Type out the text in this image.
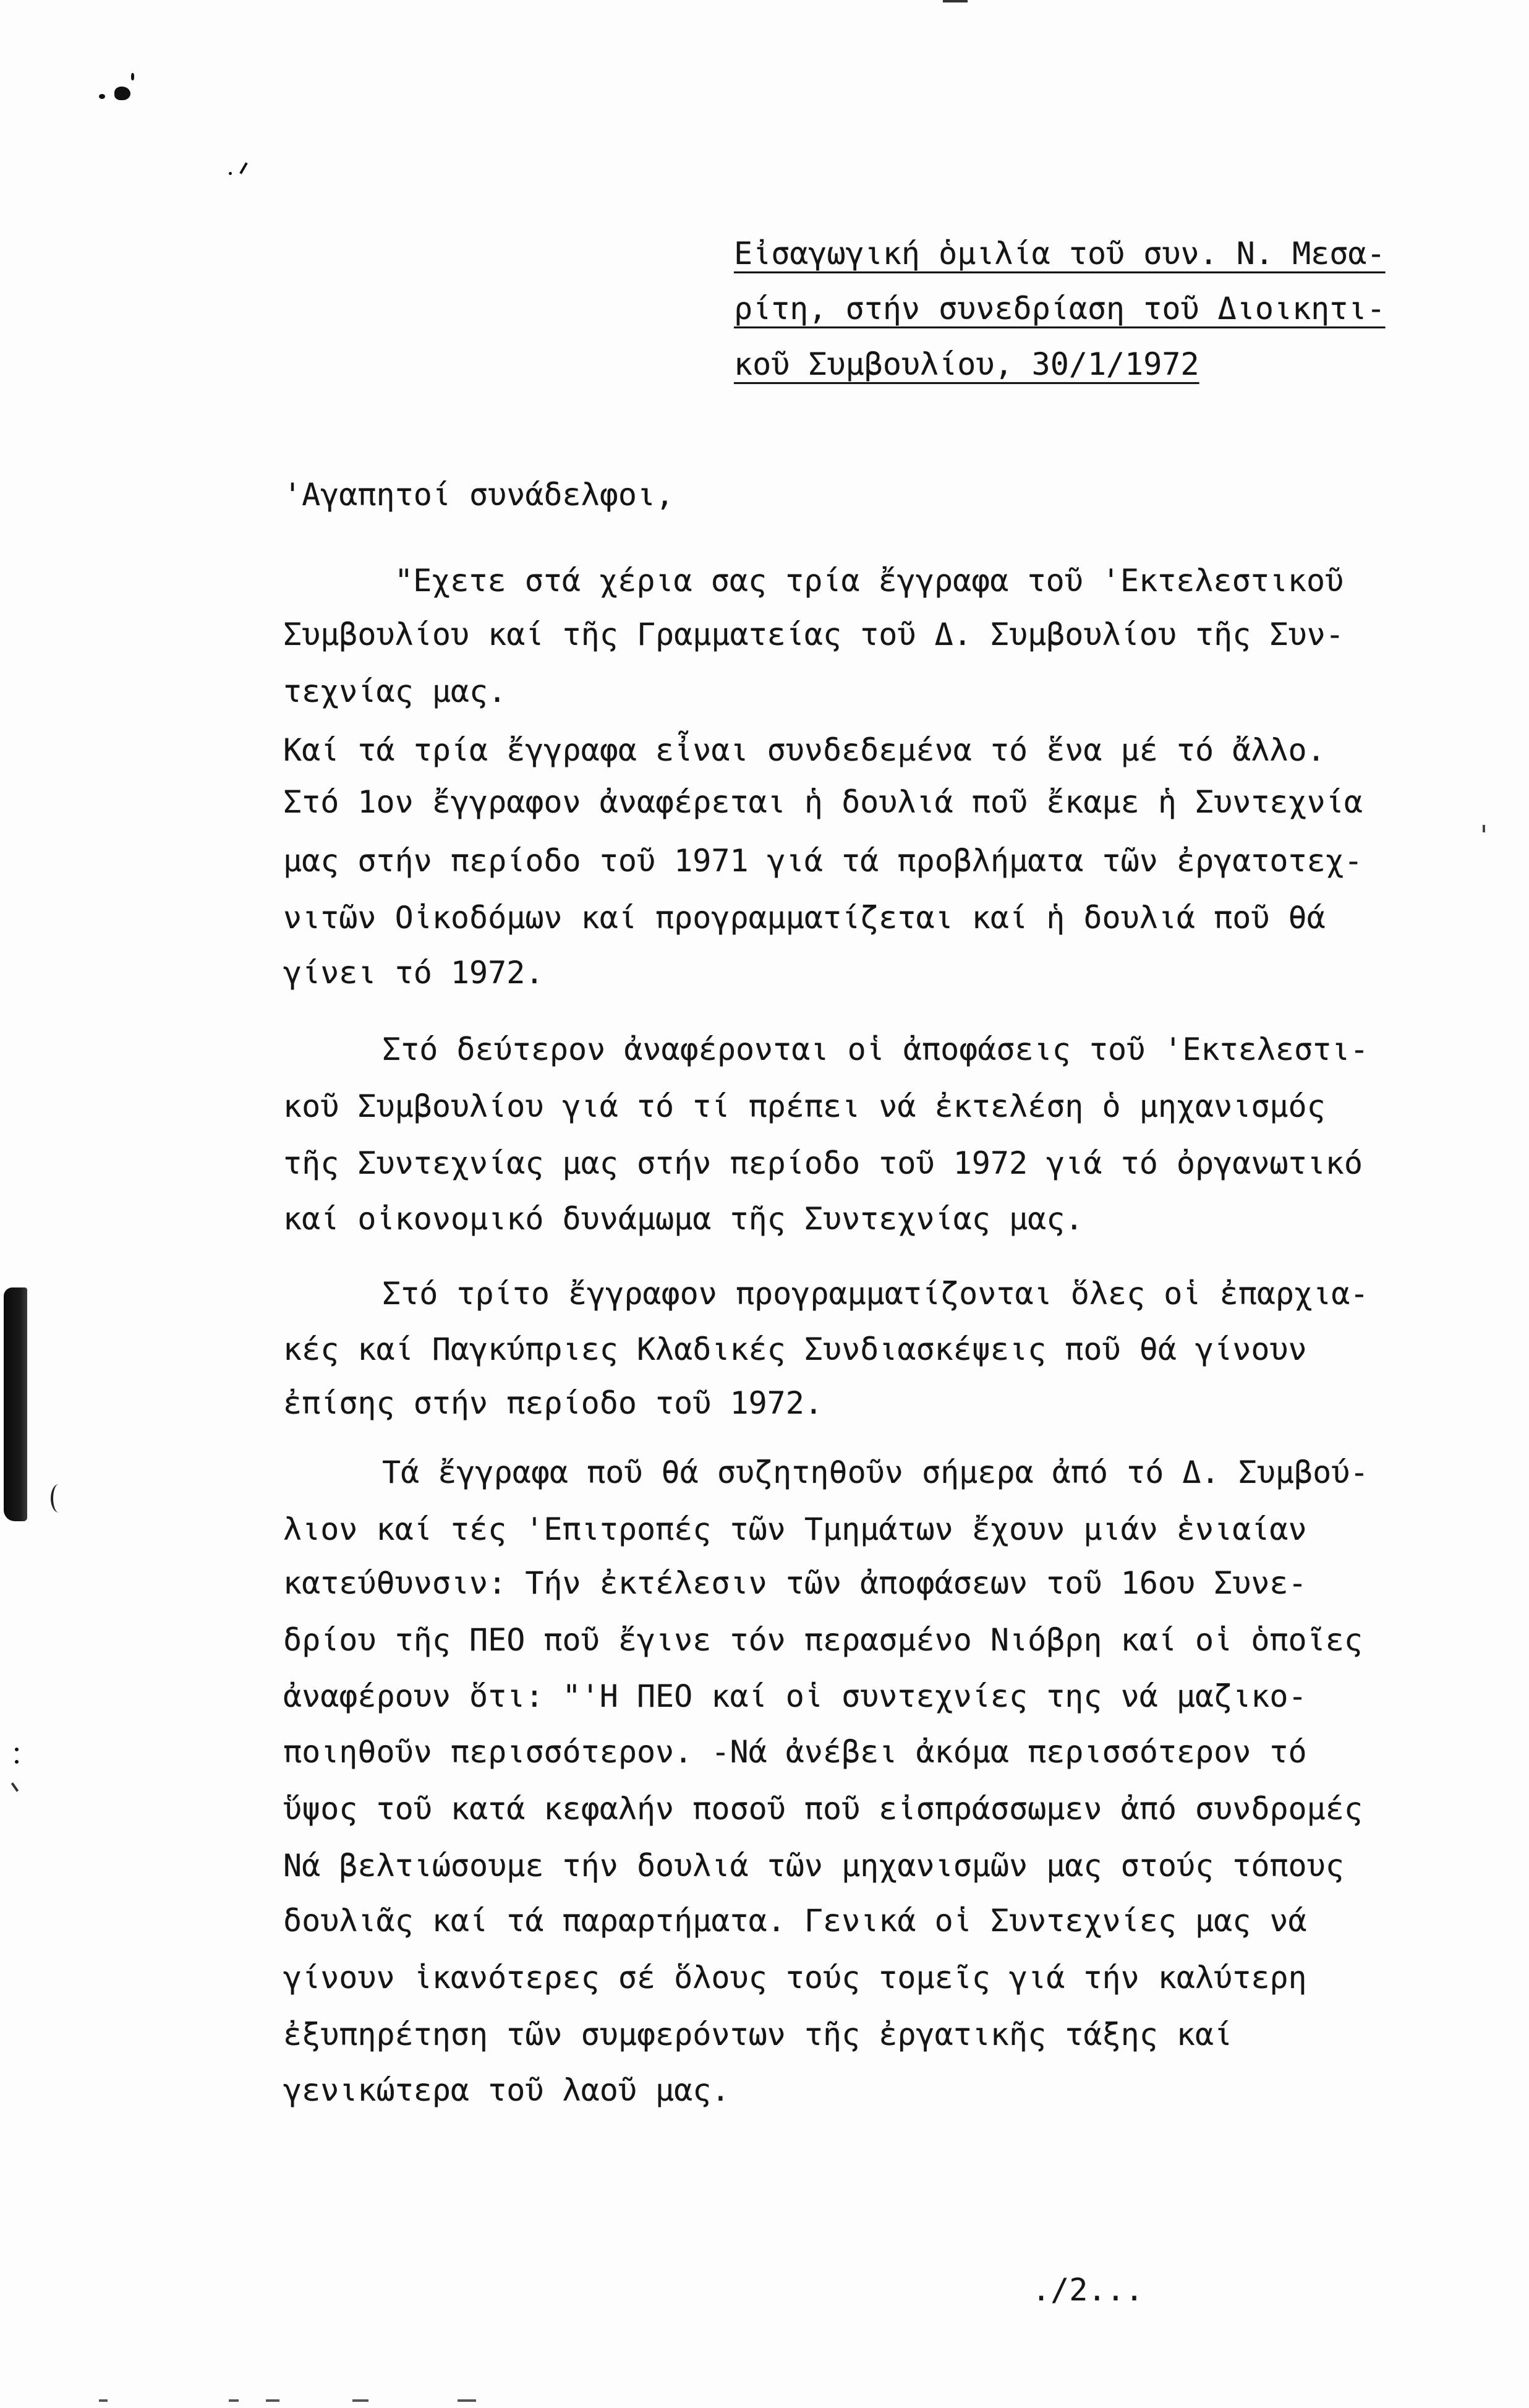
Εἰσαγωγική ὁμιλία τοῦ συν. Ν. Μεσα-
ρίτη, στήν συνεδρίαση τοῦ Διοικητι-
κοῦ Συμβουλίου, 30/1/1972
'Αγαπητοί συνάδελφοι,
"Εχετε στά χέρια σας τρία ἔγγραφα τοῦ 'Εκτελεστικοῦ
Συμβουλίου καί τῆς Γραμματείας τοῦ Δ. Συμβουλίου τῆς Συν-
τεχνίας μας.
Καί τά τρία ἔγγραφα εἶναι συνδεδεμένα τό ἕνα μέ τό ἄλλο.
Στό 1ον ἔγγραφον ἀναφέρεται ἡ δουλιά ποῦ ἔκαμε ἡ Συντεχνία
μας στήν περίοδο τοῦ 1971 γιά τά προβλήματα τῶν ἐργατοτεχ-
νιτῶν Οἰκοδόμων καί προγραμματίζεται καί ἡ δουλιά ποῦ θά
γίνει τό 1972.
Στό δεύτερον ἀναφέρονται οἱ ἀποφάσεις τοῦ 'Εκτελεστι-
κοῦ Συμβουλίου γιά τό τί πρέπει νά ἐκτελέση ὁ μηχανισμός
τῆς Συντεχνίας μας στήν περίοδο τοῦ 1972 γιά τό ὀργανωτικό
καί οἰκονομικό δυνάμωμα τῆς Συντεχνίας μας.
Στό τρίτο ἔγγραφον προγραμματίζονται ὅλες οἱ ἐπαρχια-
κές καί Παγκύπριες Κλαδικές Συνδιασκέψεις ποῦ θά γίνουν
ἐπίσης στήν περίοδο τοῦ 1972.
Τά ἔγγραφα ποῦ θά συζητηθοῦν σήμερα ἀπό τό Δ. Συμβού-
λιον καί τές 'Επιτροπές τῶν Τμημάτων ἔχουν μιάν ἑνιαίαν
κατεύθυνσιν: Τήν ἐκτέλεσιν τῶν ἀποφάσεων τοῦ 16ου Συνε-
δρίου τῆς ΠΕΟ ποῦ ἔγινε τόν περασμένο Νιόβρη καί οἱ ὁποῖες
ἀναφέρουν ὅτι: "'Η ΠΕΟ καί οἱ συντεχνίες της νά μαζικο-
ποιηθοῦν περισσότερον. -Νά ἀνέβει ἀκόμα περισσότερον τό
ὕψος τοῦ κατά κεφαλήν ποσοῦ ποῦ εἰσπράσσωμεν ἀπό συνδρομές
Νά βελτιώσουμε τήν δουλιά τῶν μηχανισμῶν μας στούς τόπους
δουλιᾶς καί τά παραρτήματα. Γενικά οἱ Συντεχνίες μας νά
γίνουν ἱκανότερες σέ ὅλους τούς τομεῖς γιά τήν καλύτερη
ἐξυπηρέτηση τῶν συμφερόντων τῆς ἐργατικῆς τάξης καί
γενικώτερα τοῦ λαοῦ μας.
./2...
